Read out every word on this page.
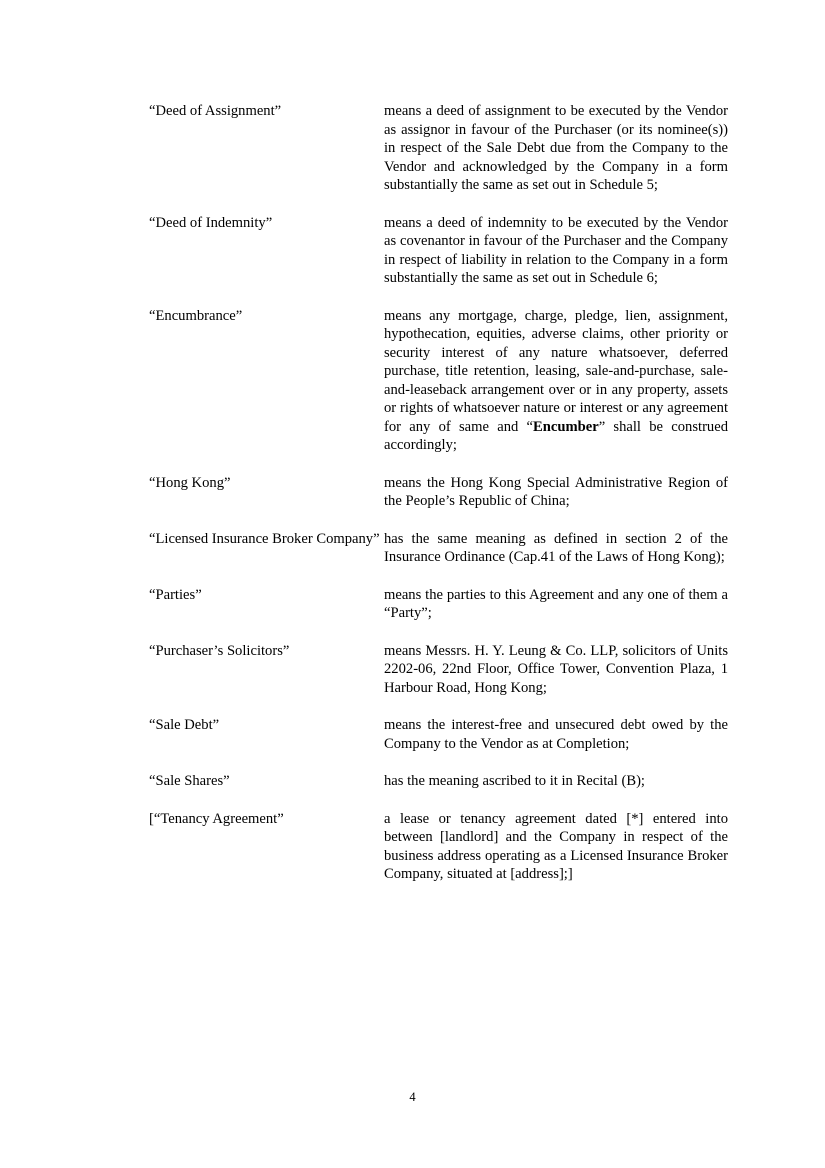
“Deed of Assignment”	means a deed of assignment to be executed by the Vendor as assignor in favour of the Purchaser (or its nominee(s)) in respect of the Sale Debt due from the Company to the Vendor and acknowledged by the Company in a form substantially the same as set out in Schedule 5;
“Deed of Indemnity”	means a deed of indemnity to be executed by the Vendor as covenantor in favour of the Purchaser and the Company in respect of liability in relation to the Company in a form substantially the same as set out in Schedule 6;
“Encumbrance”	means any mortgage, charge, pledge, lien, assignment, hypothecation, equities, adverse claims, other priority or security interest of any nature whatsoever, deferred purchase, title retention, leasing, sale-and-purchase, sale-and-leaseback arrangement over or in any property, assets or rights of whatsoever nature or interest or any agreement for any of same and “Encumber” shall be construed accordingly;
“Hong Kong”	means the Hong Kong Special Administrative Region of the People’s Republic of China;
“Licensed Insurance Broker Company” has the same meaning as defined in section 2 of the Insurance Ordinance (Cap.41 of the Laws of Hong Kong);
“Parties”	means the parties to this Agreement and any one of them a “Party”;
“Purchaser’s Solicitors”	means Messrs. H. Y. Leung & Co. LLP, solicitors of Units 2202-06, 22nd Floor, Office Tower, Convention Plaza, 1 Harbour Road, Hong Kong;
“Sale Debt”	means the interest-free and unsecured debt owed by the Company to the Vendor as at Completion;
“Sale Shares”	has the meaning ascribed to it in Recital (B);
[“Tenancy Agreement”	a lease or tenancy agreement dated [*] entered into between [landlord] and the Company in respect of the business address operating as a Licensed Insurance Broker Company, situated at [address];]
4
